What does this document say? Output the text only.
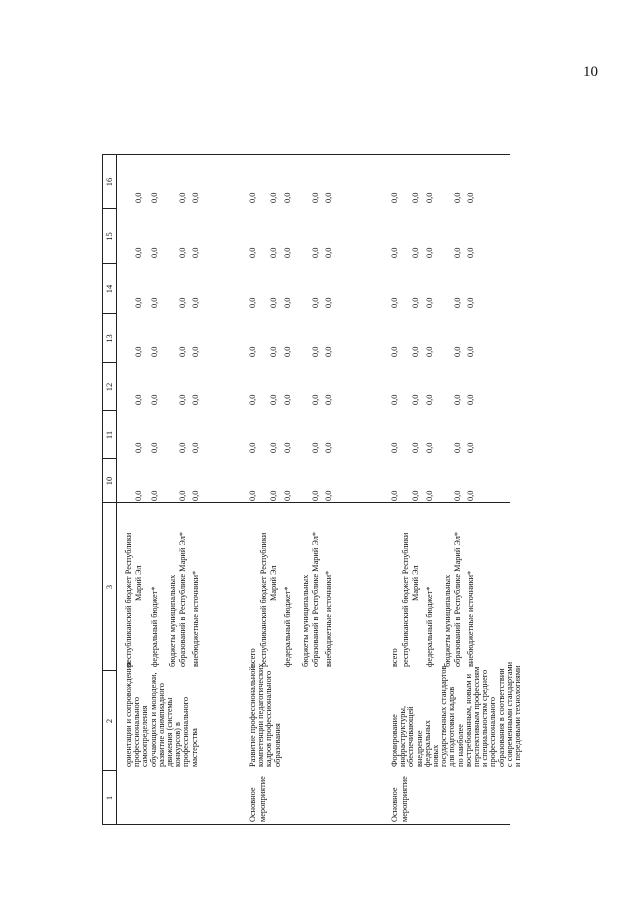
10
1
2
3
10
11
12
13
14
15
16
ориентации и сопровождения профессионального самоопределения обучающихся и молодежи, развитие олимпиадного движения (системы конкурсов) в профессионального мастерства
республиканский бюджет Республики Марий Эл
0,0
0,0
0,0
0,0
0,0
0,0
0,0
федеральный бюджет*
0,0
0,0
0,0
0,0
0,0
0,0
0,0
бюджеты муниципальных образований в Республике Марий Эл*
0,0
0,0
0,0
0,0
0,0
0,0
0,0
внебюджетные источники*
0,0
0,0
0,0
0,0
0,0
0,0
0,0
Основное мероприятие
Развитие профессиональной компетенции педагогических кадров профессионального образования
всего
0,0
0,0
0,0
0,0
0,0
0,0
0,0
республиканский бюджет Республики Марий Эл
0,0
0,0
0,0
0,0
0,0
0,0
0,0
федеральный бюджет*
0,0
0,0
0,0
0,0
0,0
0,0
0,0
бюджеты муниципальных образований в Республике Марий Эл*
0,0
0,0
0,0
0,0
0,0
0,0
0,0
внебюджетные источники*
0,0
0,0
0,0
0,0
0,0
0,0
0,0
Основное мероприятие
Формирование инфраструктуры, обеспечивающей внедрение федеральных новых государственных стандартов для подготовки кадров по наиболее востребованным, новым и перспективным профессиям и специальностям среднего профессионального образования в соответствии с современными стандартами и передовыми технологиями
всего
0,0
0,0
0,0
0,0
0,0
0,0
0,0
республиканский бюджет Республики Марий Эл
0,0
0,0
0,0
0,0
0,0
0,0
0,0
федеральный бюджет*
0,0
0,0
0,0
0,0
0,0
0,0
0,0
бюджеты муниципальных образований в Республике Марий Эл*
0,0
0,0
0,0
0,0
0,0
0,0
0,0
внебюджетные источники*
0,0
0,0
0,0
0,0
0,0
0,0
0,0
